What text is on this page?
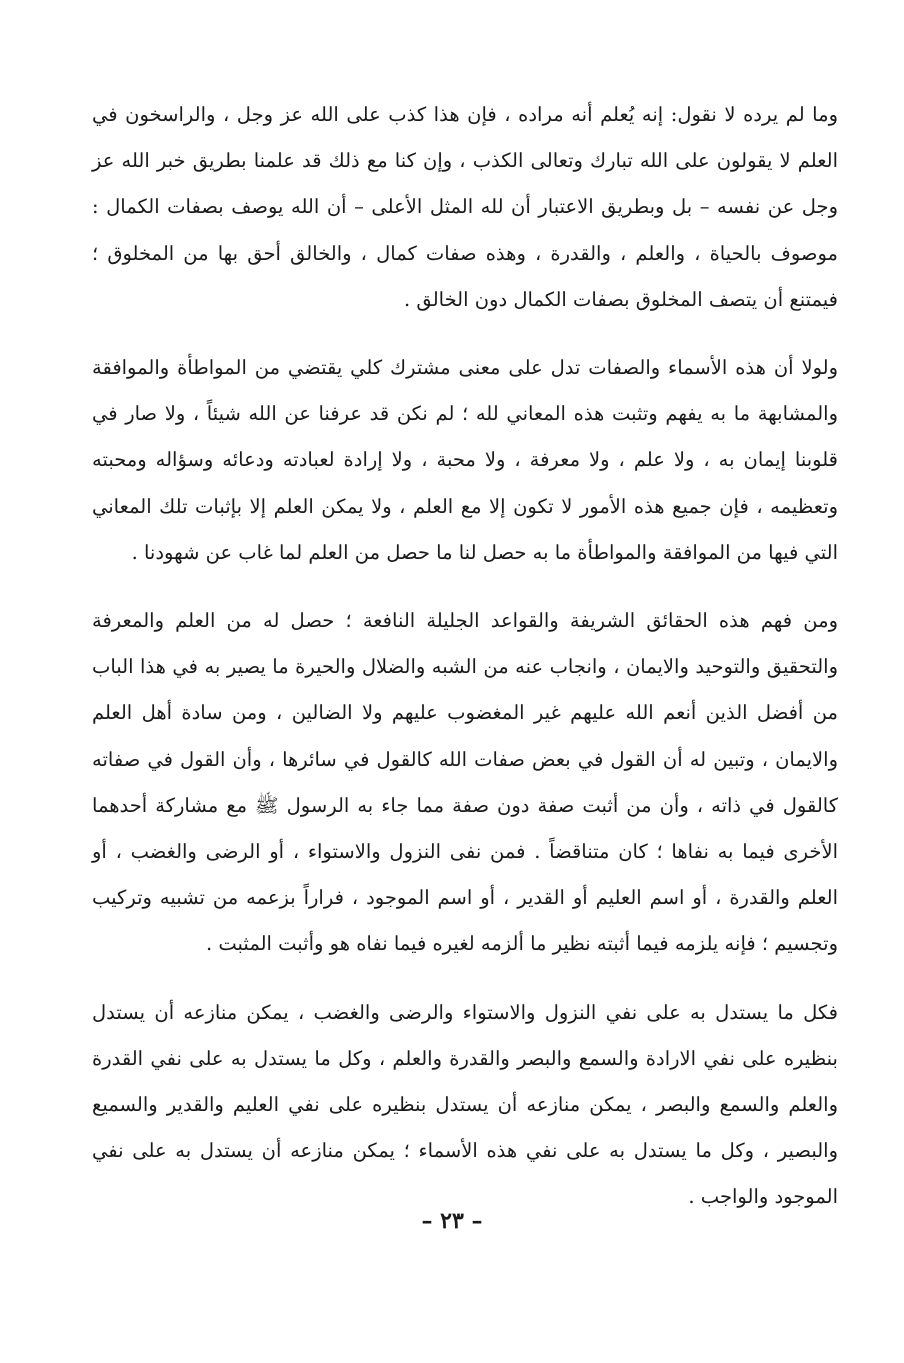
وما لم يرده لا نقول: إنه يُعلم أنه مراده ، فإن هذا كذب على الله عز وجل ، والراسخون في العلم لا يقولون على الله تبارك وتعالى الكذب ، وإن كنا مع ذلك قد علمنا بطريق خبر الله عز وجل عن نفسه – بل وبطريق الاعتبار أن لله المثل الأعلى – أن الله يوصف بصفات الكمال : موصوف بالحياة ، والعلم ، والقدرة ، وهذه صفات كمال ، والخالق أحق بها من المخلوق ؛ فيمتنع أن يتصف المخلوق بصفات الكمال دون الخالق .

ولولا أن هذه الأسماء والصفات تدل على معنى مشترك كلي يقتضي من المواطأة والموافقة والمشابهة ما به يفهم وتثبت هذه المعاني لله ؛ لم نكن قد عرفنا عن الله شيئاً ، ولا صار في قلوبنا إيمان به ، ولا علم ، ولا معرفة ، ولا محبة ، ولا إرادة لعبادته ودعائه وسؤاله ومحبته وتعظيمه ، فإن جميع هذه الأمور لا تكون إلا مع العلم ، ولا يمكن العلم إلا بإثبات تلك المعاني التي فيها من الموافقة والمواطأة ما به حصل لنا ما حصل من العلم لما غاب عن شهودنا .

ومن فهم هذه الحقائق الشريفة والقواعد الجليلة النافعة ؛ حصل له من العلم والمعرفة والتحقيق والتوحيد والايمان ، وانجاب عنه من الشبه والضلال والحيرة ما يصير به في هذا الباب من أفضل الذين أنعم الله عليهم غير المغضوب عليهم ولا الضالين ، ومن سادة أهل العلم والايمان ، وتبين له أن القول في بعض صفات الله كالقول في سائرها ، وأن القول في صفاته كالقول في ذاته ، وأن من أثبت صفة دون صفة مما جاء به الرسول ﷺ مع مشاركة أحدهما الأخرى فيما به نفاها ؛ كان متناقضاً . فمن نفى النزول والاستواء ، أو الرضى والغضب ، أو العلم والقدرة ، أو اسم العليم أو القدير ، أو اسم الموجود ، فراراً بزعمه من تشبيه وتركيب وتجسيم ؛ فإنه يلزمه فيما أثبته نظير ما ألزمه لغيره فيما نفاه هو وأثبت المثبت .

فكل ما يستدل به على نفي النزول والاستواء والرضى والغضب ، يمكن منازعه أن يستدل بنظيره على نفي الارادة والسمع والبصر والقدرة والعلم ، وكل ما يستدل به على نفي القدرة والعلم والسمع والبصر ، يمكن منازعه أن يستدل بنظيره على نفي العليم والقدير والسميع والبصير ، وكل ما يستدل به على نفي هذه الأسماء ؛ يمكن منازعه أن يستدل به على نفي الموجود والواجب .

– ٢٣ –
